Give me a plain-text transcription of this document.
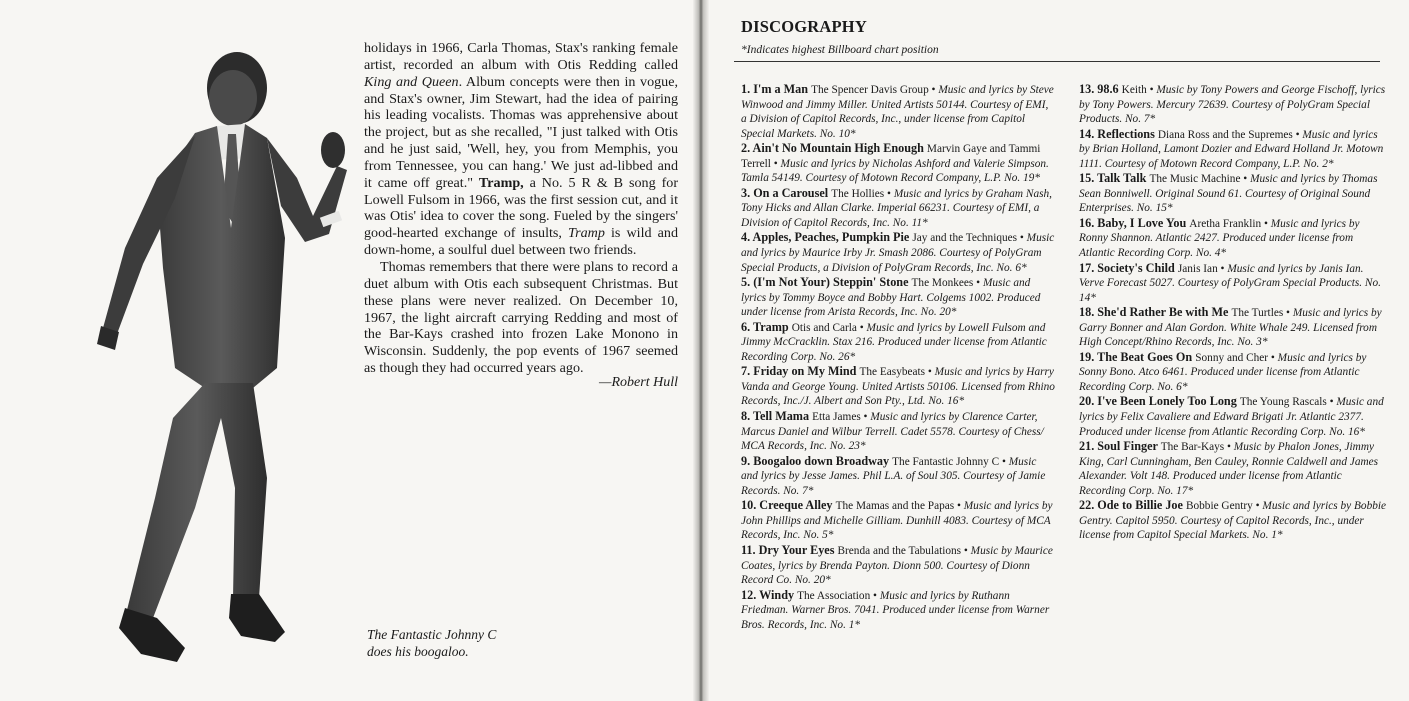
holidays in 1966, Carla Thomas, Stax's ranking female artist, recorded an album with Otis Redding called King and Queen. Album concepts were then in vogue, and Stax's owner, Jim Stewart, had the idea of pairing his leading vocalists. Thomas was apprehensive about the project, but as she recalled, "I just talked with Otis and he just said, 'Well, hey, you from Memphis, you from Tennessee, you can hang.' We just ad-libbed and it came off great." Tramp, a No. 5 R & B song for Lowell Fulsom in 1966, was the first session cut, and it was Otis' idea to cover the song. Fueled by the singers' good-hearted exchange of insults, Tramp is wild and down-home, a soulful duel between two friends.

Thomas remembers that there were plans to record a duet album with Otis each subsequent Christmas. But these plans were never realized. On December 10, 1967, the light aircraft carrying Redding and most of the Bar-Kays crashed into frozen Lake Monono in Wisconsin. Suddenly, the pop events of 1967 seemed as though they had occurred years ago.

—Robert Hull
The Fantastic Johnny C
does his boogaloo.
DISCOGRAPHY
*Indicates highest Billboard chart position
1. I'm a Man The Spencer Davis Group • Music and lyrics by Steve Winwood and Jimmy Miller. United Artists 50144. Courtesy of EMI, a Division of Capitol Records, Inc., under license from Capitol Special Markets. No. 10*
2. Ain't No Mountain High Enough Marvin Gaye and Tammi Terrell • Music and lyrics by Nicholas Ashford and Valerie Simpson. Tamla 54149. Courtesy of Motown Record Company, L.P. No. 19*
3. On a Carousel The Hollies • Music and lyrics by Graham Nash, Tony Hicks and Allan Clarke. Imperial 66231. Courtesy of EMI, a Division of Capitol Records, Inc. No. 11*
4. Apples, Peaches, Pumpkin Pie Jay and the Techniques • Music and lyrics by Maurice Irby Jr. Smash 2086. Courtesy of PolyGram Special Products, a Division of PolyGram Records, Inc. No. 6*
5. (I'm Not Your) Steppin' Stone The Monkees • Music and lyrics by Tommy Boyce and Bobby Hart. Colgems 1002. Produced under license from Arista Records, Inc. No. 20*
6. Tramp Otis and Carla • Music and lyrics by Lowell Fulsom and Jimmy McCracklin. Stax 216. Produced under license from Atlantic Recording Corp. No. 26*
7. Friday on My Mind The Easybeats • Music and lyrics by Harry Vanda and George Young. United Artists 50106. Licensed from Rhino Records, Inc./J. Albert and Son Pty., Ltd. No. 16*
8. Tell Mama Etta James • Music and lyrics by Clarence Carter, Marcus Daniel and Wilbur Terrell. Cadet 5578. Courtesy of Chess/ MCA Records, Inc. No. 23*
9. Boogaloo down Broadway The Fantastic Johnny C • Music and lyrics by Jesse James. Phil L.A. of Soul 305. Courtesy of Jamie Records. No. 7*
10. Creeque Alley The Mamas and the Papas • Music and lyrics by John Phillips and Michelle Gilliam. Dunhill 4083. Courtesy of MCA Records, Inc. No. 5*
11. Dry Your Eyes Brenda and the Tabulations • Music by Maurice Coates, lyrics by Brenda Payton. Dionn 500. Courtesy of Dionn Record Co. No. 20*
12. Windy The Association • Music and lyrics by Ruthann Friedman. Warner Bros. 7041. Produced under license from Warner Bros. Records, Inc. No. 1*
13. 98.6 Keith • Music by Tony Powers and George Fischoff, lyrics by Tony Powers. Mercury 72639. Courtesy of PolyGram Special Products. No. 7*
14. Reflections Diana Ross and the Supremes • Music and lyrics by Brian Holland, Lamont Dozier and Edward Holland Jr. Motown 1111. Courtesy of Motown Record Company, L.P. No. 2*
15. Talk Talk The Music Machine • Music and lyrics by Thomas Sean Bonniwell. Original Sound 61. Courtesy of Original Sound Enterprises. No. 15*
16. Baby, I Love You Aretha Franklin • Music and lyrics by Ronny Shannon. Atlantic 2427. Produced under license from Atlantic Recording Corp. No. 4*
17. Society's Child Janis Ian • Music and lyrics by Janis Ian. Verve Forecast 5027. Courtesy of PolyGram Special Products. No. 14*
18. She'd Rather Be with Me The Turtles • Music and lyrics by Garry Bonner and Alan Gordon. White Whale 249. Licensed from High Concept/Rhino Records, Inc. No. 3*
19. The Beat Goes On Sonny and Cher • Music and lyrics by Sonny Bono. Atco 6461. Produced under license from Atlantic Recording Corp. No. 6*
20. I've Been Lonely Too Long The Young Rascals • Music and lyrics by Felix Cavaliere and Edward Brigati Jr. Atlantic 2377. Produced under license from Atlantic Recording Corp. No. 16*
21. Soul Finger The Bar-Kays • Music by Phalon Jones, Jimmy King, Carl Cunningham, Ben Cauley, Ronnie Caldwell and James Alexander. Volt 148. Produced under license from Atlantic Recording Corp. No. 17*
22. Ode to Billie Joe Bobbie Gentry • Music and lyrics by Bobbie Gentry. Capitol 5950. Courtesy of Capitol Records, Inc., under license from Capitol Special Markets. No. 1*
